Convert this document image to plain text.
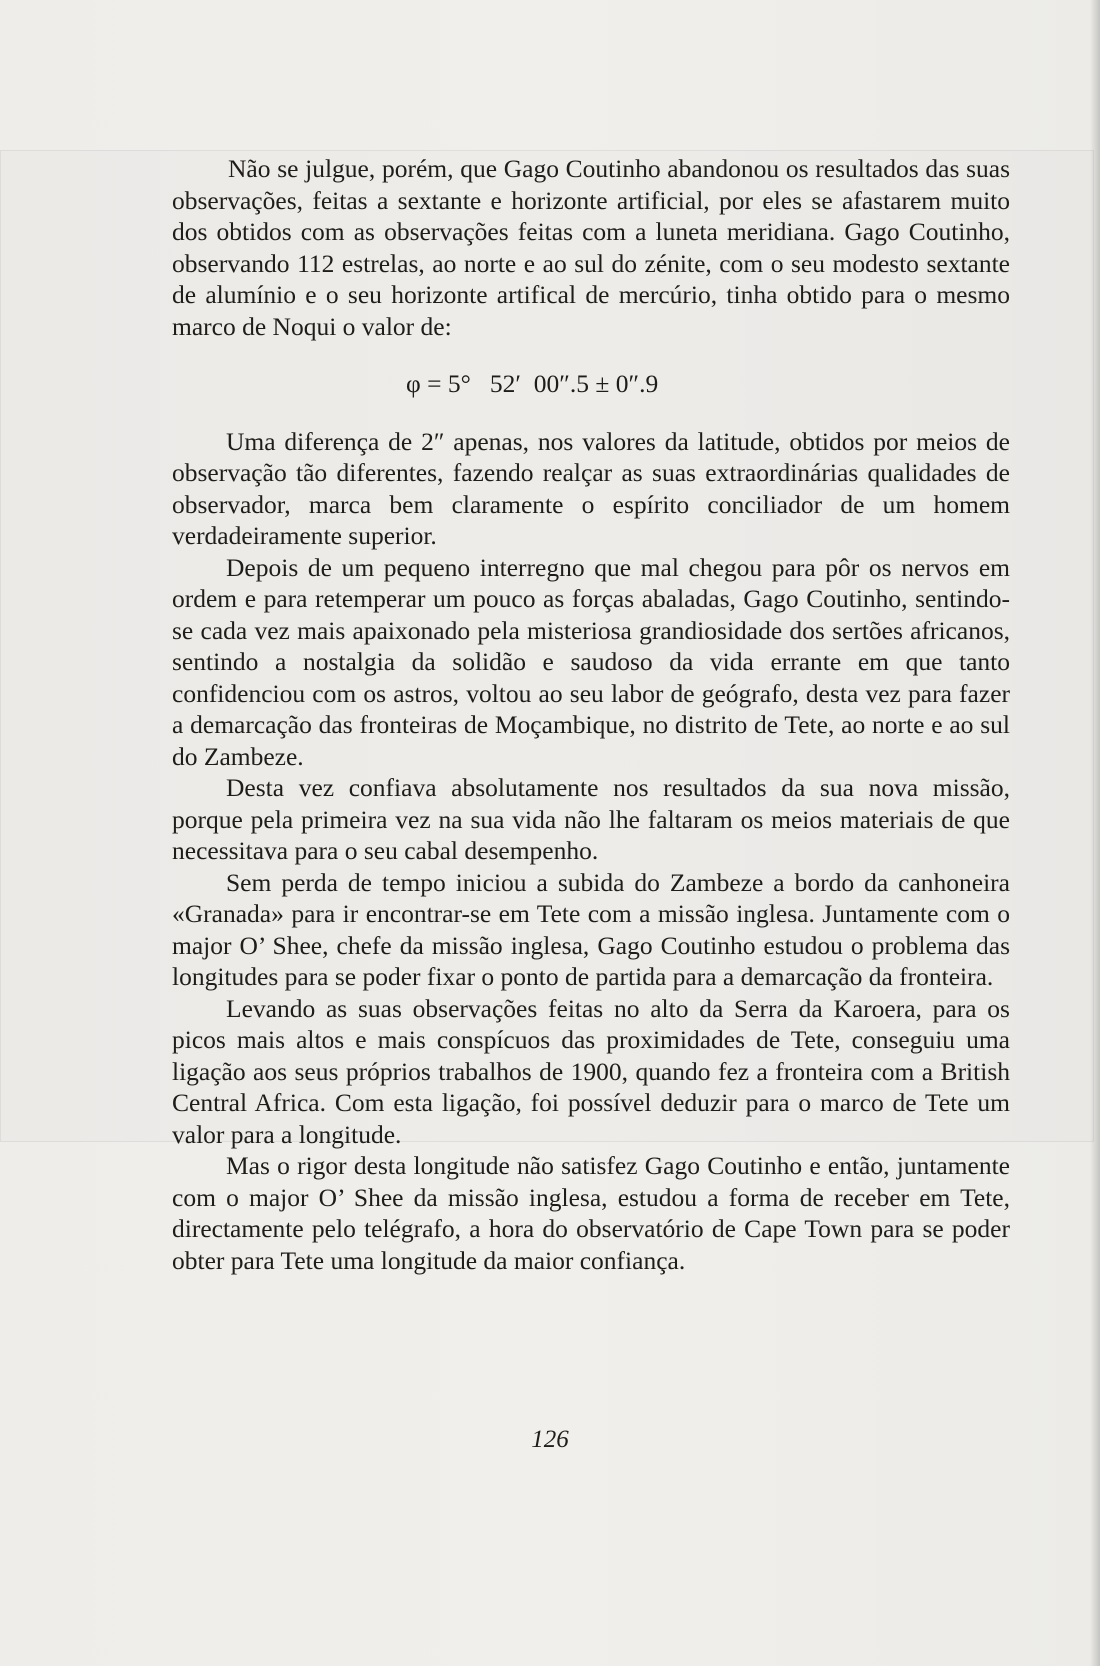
Não se julgue, porém, que Gago Coutinho abandonou os resultados das suas observações, feitas a sextante e horizonte artificial, por eles se afastarem muito dos obtidos com as observações feitas com a luneta meridiana. Gago Coutinho, observando 112 estrelas, ao norte e ao sul do zénite, com o seu modesto sextante de alumínio e o seu horizonte artifical de mercúrio, tinha obtido para o mesmo marco de Noqui o valor de:

φ = 5°   52′  00″.5 ± 0″.9

Uma diferença de 2″ apenas, nos valores da latitude, obtidos por meios de observação tão diferentes, fazendo realçar as suas extraordinárias qualidades de observador, marca bem claramente o espírito conciliador de um homem verdadeiramente superior.

Depois de um pequeno interregno que mal chegou para pôr os nervos em ordem e para retemperar um pouco as forças abaladas, Gago Coutinho, sentindo-se cada vez mais apaixonado pela misteriosa grandiosidade dos sertões africanos, sentindo a nostalgia da solidão e saudoso da vida errante em que tanto confidenciou com os astros, voltou ao seu labor de geógrafo, desta vez para fazer a demarcação das fronteiras de Moçambique, no distrito de Tete, ao norte e ao sul do Zambeze.

Desta vez confiava absolutamente nos resultados da sua nova missão, porque pela primeira vez na sua vida não lhe faltaram os meios materiais de que necessitava para o seu cabal desempenho.

Sem perda de tempo iniciou a subida do Zambeze a bordo da canhoneira «Granada» para ir encontrar-se em Tete com a missão inglesa. Juntamente com o major O’ Shee, chefe da missão inglesa, Gago Coutinho estudou o problema das longitudes para se poder fixar o ponto de partida para a demarcação da fronteira.

Levando as suas observações feitas no alto da Serra da Karoera, para os picos mais altos e mais conspícuos das proximidades de Tete, conseguiu uma ligação aos seus próprios trabalhos de 1900, quando fez a fronteira com a British Central Africa. Com esta ligação, foi possível deduzir para o marco de Tete um valor para a longitude.

Mas o rigor desta longitude não satisfez Gago Coutinho e então, juntamente com o major O’ Shee da missão inglesa, estudou a forma de receber em Tete, directamente pelo telégrafo, a hora do observatório de Cape Town para se poder obter para Tete uma longitude da maior confiança.

126
